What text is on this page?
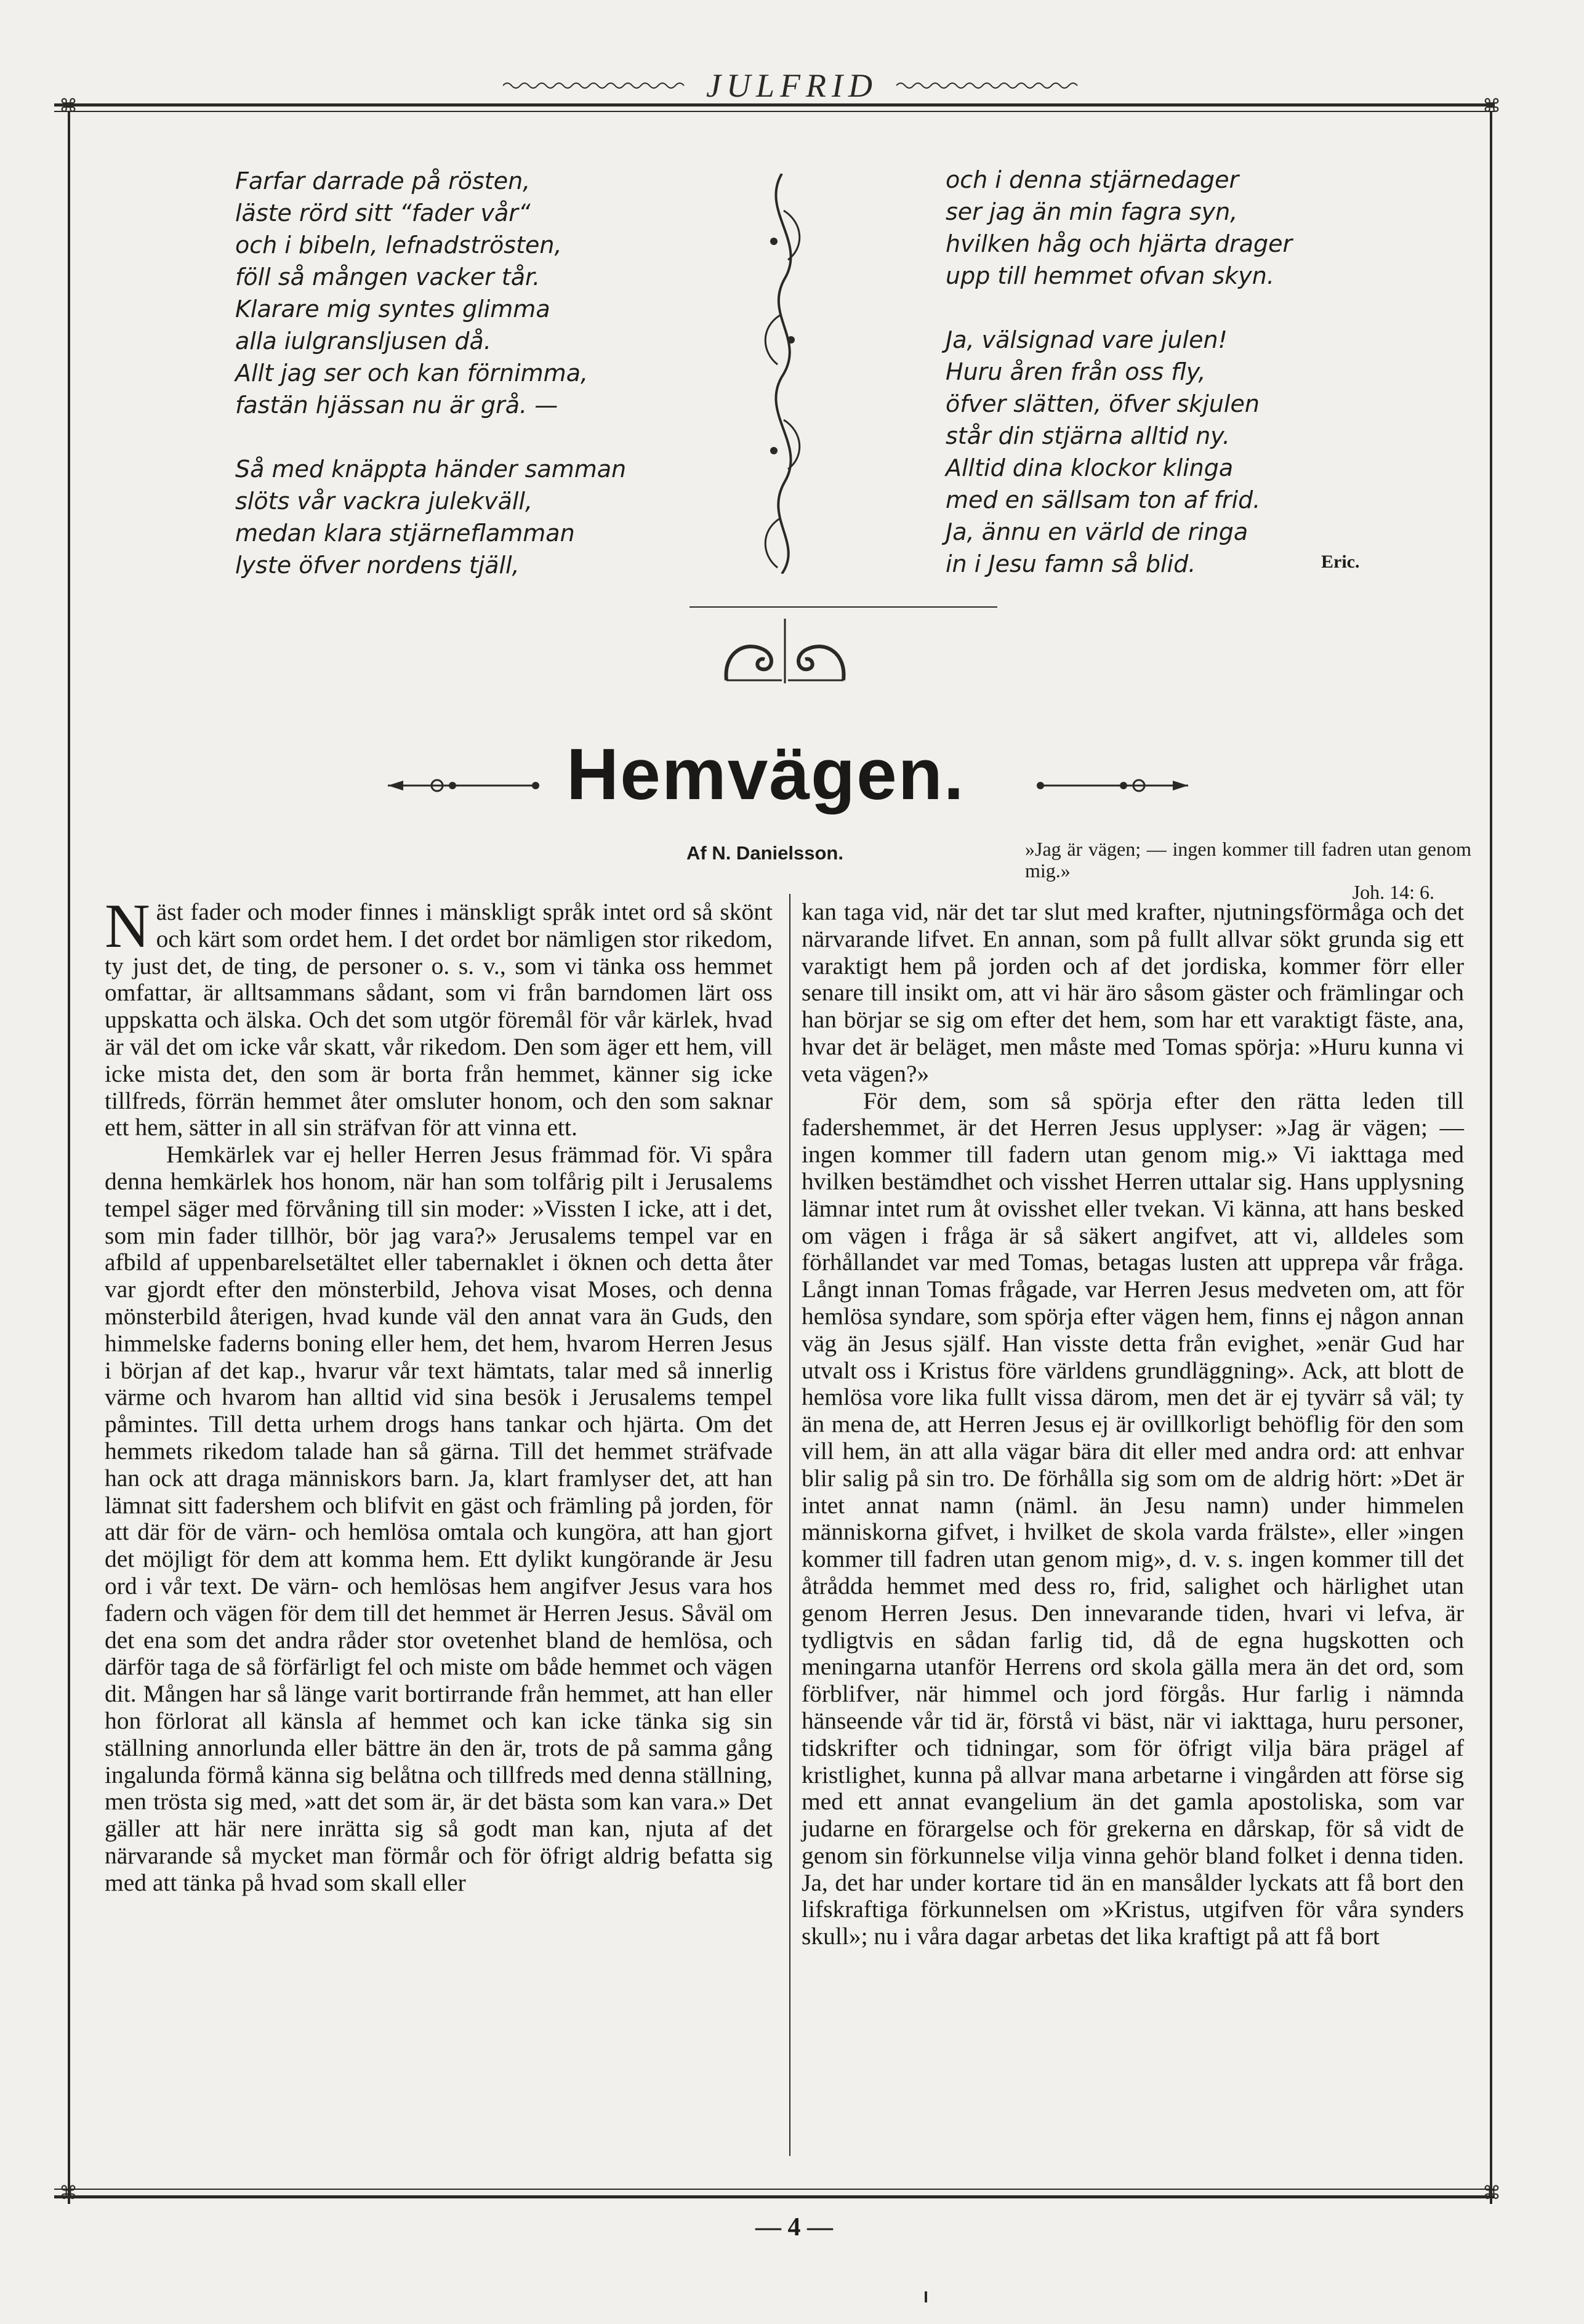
JULFRID
⌘	⌘
⌘	⌘
Farfar darrade på rösten,
läste rörd sitt “fader vår“
och i bibeln, lefnadströsten,
föll så mången vacker tår.
Klarare mig syntes glimma
alla iulgransljusen då.
Allt jag ser och kan förnimma,
fastän hjässan nu är grå. —
Så med knäppta händer samman
slöts vår vackra julekväll,
medan klara stjärneflamman
lyste öfver nordens tjäll,
och i denna stjärnedager
ser jag än min fagra syn,
hvilken håg och hjärta drager
upp till hemmet ofvan skyn.
Ja, välsignad vare julen!
Huru åren från oss fly,
öfver slätten, öfver skjulen
står din stjärna alltid ny.
Alltid dina klockor klinga
med en sällsam ton af frid.
Ja, ännu en värld de ringa
in i Jesu famn så blid.	Eric.
Hemvägen.
Af N. Danielsson.	»Jag är vägen; — ingen kommer till fadren utan genom mig.»
Joh. 14: 6.

Näst fader och moder finnes i mänskligt språk intet ord så skönt och kärt som ordet hem. I det ordet bor nämligen stor rikedom, ty just det, de ting, de personer o. s. v., som vi tänka oss hemmet omfattar, är alltsammans sådant, som vi från barndomen lärt oss uppskatta och älska. Och det som utgör föremål för vår kärlek, hvad är väl det om icke vår skatt, vår rikedom. Den som äger ett hem, vill icke mista det, den som är borta från hemmet, känner sig icke tillfreds, förrän hemmet åter omsluter honom, och den som saknar ett hem, sätter in all sin sträfvan för att vinna ett.

Hemkärlek var ej heller Herren Jesus främmad för. Vi spåra denna hemkärlek hos honom, när han som tolfårig pilt i Jerusalems tempel säger med förvåning till sin moder: »Vissten I icke, att i det, som min fader tillhör, bör jag vara?» Jerusalems tempel var en afbild af uppenbarelsetältet eller tabernaklet i öknen och detta åter var gjordt efter den mönsterbild, Jehova visat Moses, och denna mönsterbild återigen, hvad kunde väl den annat vara än Guds, den himmelske faderns boning eller hem, det hem, hvarom Herren Jesus i början af det kap., hvarur vår text hämtats, talar med så innerlig värme och hvarom han alltid vid sina besök i Jerusalems tempel påmintes. Till detta urhem drogs hans tankar och hjärta. Om det hemmets rikedom talade han så gärna. Till det hemmet sträfvade han ock att draga människors barn. Ja, klart framlyser det, att han lämnat sitt fadershem och blifvit en gäst och främling på jorden, för att där för de värn- och hemlösa omtala och kungöra, att han gjort det möjligt för dem att komma hem. Ett dylikt kungörande är Jesu ord i vår text. De värn- och hemlösas hem angifver Jesus vara hos fadern och vägen för dem till det hemmet är Herren Jesus. Såväl om det ena som det andra råder stor ovetenhet bland de hemlösa, och därför taga de så förfärligt fel och miste om både hemmet och vägen dit. Mången har så länge varit bortirrande från hemmet, att han eller hon förlorat all känsla af hemmet och kan icke tänka sig sin ställning annorlunda eller bättre än den är, trots de på samma gång ingalunda förmå känna sig belåtna och tillfreds med denna ställning, men trösta sig med, »att det som är, är det bästa som kan vara.» Det gäller att här nere inrätta sig så godt man kan, njuta af det närvarande så mycket man förmår och för öfrigt aldrig befatta sig med att tänka på hvad som skall eller

kan taga vid, när det tar slut med krafter, njutningsförmåga och det närvarande lifvet. En annan, som på fullt allvar sökt grunda sig ett varaktigt hem på jorden och af det jordiska, kommer förr eller senare till insikt om, att vi här äro såsom gäster och främlingar och han börjar se sig om efter det hem, som har ett varaktigt fäste, ana, hvar det är beläget, men måste med Tomas spörja: »Huru kunna vi veta vägen?»

För dem, som så spörja efter den rätta leden till fadershemmet, är det Herren Jesus upplyser: »Jag är vägen; — ingen kommer till fadern utan genom mig.» Vi iakttaga med hvilken bestämdhet och visshet Herren uttalar sig. Hans upplysning lämnar intet rum åt ovisshet eller tvekan. Vi känna, att hans besked om vägen i fråga är så säkert angifvet, att vi, alldeles som förhållandet var med Tomas, betagas lusten att upprepa vår fråga. Långt innan Tomas frågade, var Herren Jesus medveten om, att för hemlösa syndare, som spörja efter vägen hem, finns ej någon annan väg än Jesus själf. Han visste detta från evighet, »enär Gud har utvalt oss i Kristus före världens grundläggning». Ack, att blott de hemlösa vore lika fullt vissa därom, men det är ej tyvärr så väl; ty än mena de, att Herren Jesus ej är ovillkorligt behöflig för den som vill hem, än att alla vägar bära dit eller med andra ord: att enhvar blir salig på sin tro. De förhålla sig som om de aldrig hört: »Det är intet annat namn (näml. än Jesu namn) under himmelen människorna gifvet, i hvilket de skola varda frälste», eller »ingen kommer till fadren utan genom mig», d. v. s. ingen kommer till det åtrådda hemmet med dess ro, frid, salighet och härlighet utan genom Herren Jesus. Den innevarande tiden, hvari vi lefva, är tydligtvis en sådan farlig tid, då de egna hugskotten och meningarna utanför Herrens ord skola gälla mera än det ord, som förblifver, när himmel och jord förgås. Hur farlig i nämnda hänseende vår tid är, förstå vi bäst, när vi iakttaga, huru personer, tidskrifter och tidningar, som för öfrigt vilja bära prägel af kristlighet, kunna på allvar mana arbetarne i vingården att förse sig med ett annat evangelium än det gamla apostoliska, som var judarne en förargelse och för grekerna en dårskap, för så vidt de genom sin förkunnelse vilja vinna gehör bland folket i denna tiden. Ja, det har under kortare tid än en mansålder lyckats att få bort den lifskraftiga förkunnelsen om »Kristus, utgifven för våra synders skull»; nu i våra dagar arbetas det lika kraftigt på att få bort

— 4 —
